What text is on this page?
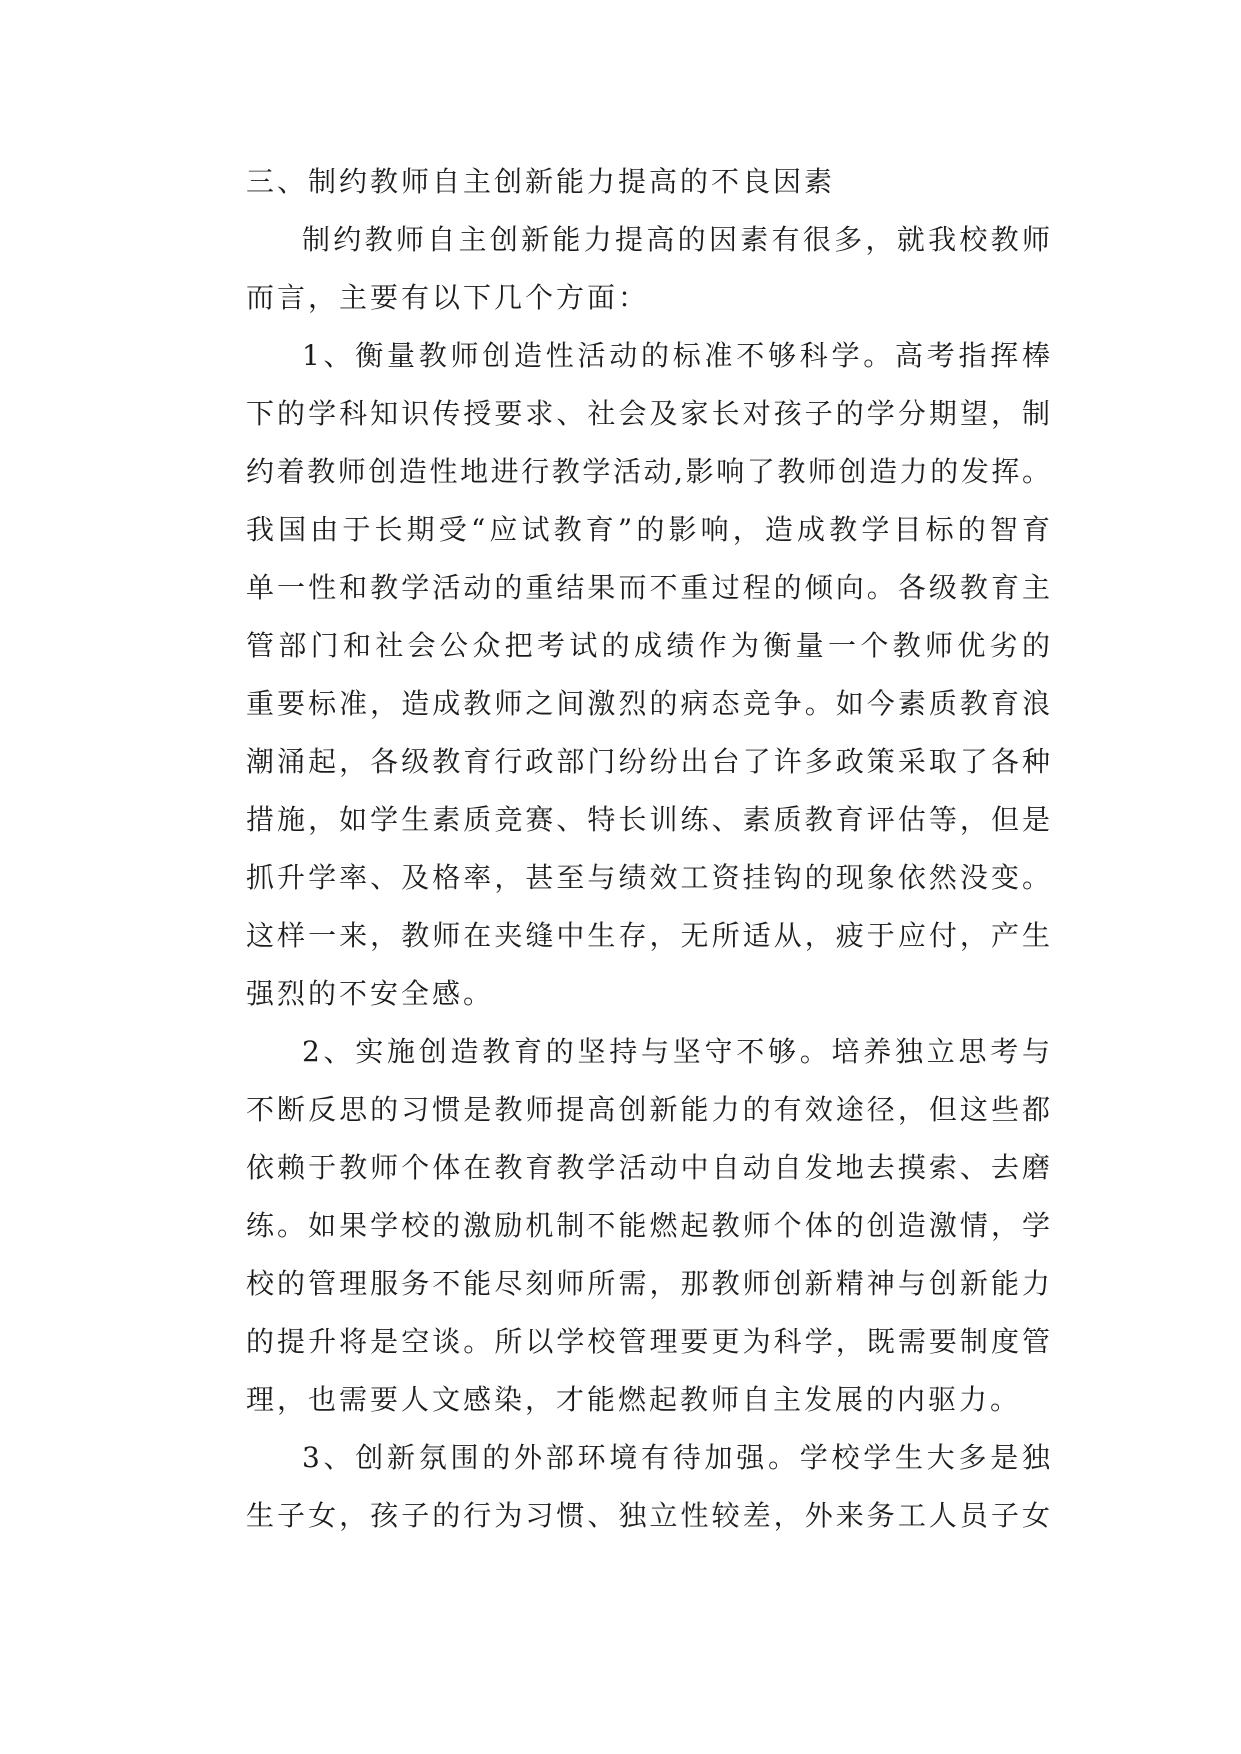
三、制约教师自主创新能力提高的不良因素

制约教师自主创新能力提高的因素有很多，就我校教师
而言，主要有以下几个方面：

1、衡量教师创造性活动的标准不够科学。高考指挥棒
下的学科知识传授要求、社会及家长对孩子的学分期望，制
约着教师创造性地进行教学活动,影响了教师创造力的发挥。
我国由于长期受“应试教育”的影响，造成教学目标的智育
单一性和教学活动的重结果而不重过程的倾向。各级教育主
管部门和社会公众把考试的成绩作为衡量一个教师优劣的
重要标准，造成教师之间激烈的病态竞争。如今素质教育浪
潮涌起，各级教育行政部门纷纷出台了许多政策采取了各种
措施，如学生素质竞赛、特长训练、素质教育评估等，但是
抓升学率、及格率，甚至与绩效工资挂钩的现象依然没变。
这样一来，教师在夹缝中生存，无所适从，疲于应付，产生
强烈的不安全感。

2、实施创造教育的坚持与坚守不够。培养独立思考与
不断反思的习惯是教师提高创新能力的有效途径，但这些都
依赖于教师个体在教育教学活动中自动自发地去摸索、去磨
练。如果学校的激励机制不能燃起教师个体的创造激情，学
校的管理服务不能尽刻师所需，那教师创新精神与创新能力
的提升将是空谈。所以学校管理要更为科学，既需要制度管
理，也需要人文感染，才能燃起教师自主发展的内驱力。

3、创新氛围的外部环境有待加强。学校学生大多是独
生子女，孩子的行为习惯、独立性较差，外来务工人员子女
